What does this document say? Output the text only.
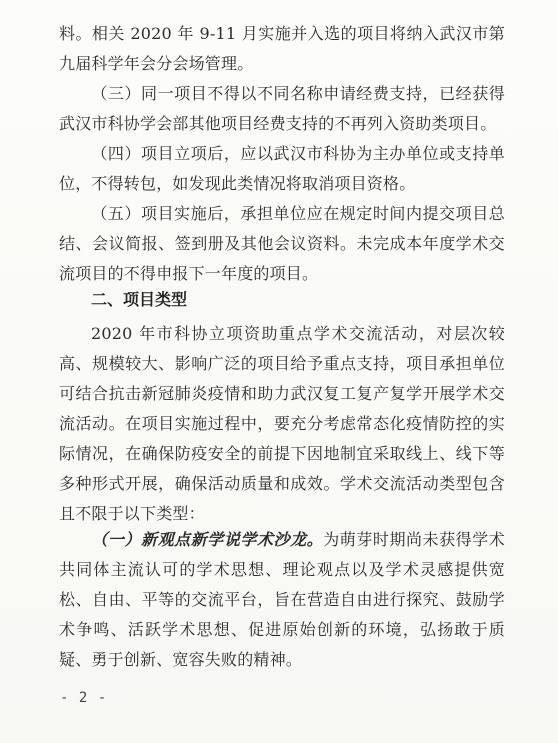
料。相关 2020 年 9-11 月实施并入选的项目将纳入武汉市第九届科学年会分会场管理。
（三）同一项目不得以不同名称申请经费支持，已经获得武汉市科协学会部其他项目经费支持的不再列入资助类项目。
（四）项目立项后，应以武汉市科协为主办单位或支持单位，不得转包，如发现此类情况将取消项目资格。
（五）项目实施后，承担单位应在规定时间内提交项目总结、会议简报、签到册及其他会议资料。未完成本年度学术交流项目的不得申报下一年度的项目。
二、项目类型
2020 年市科协立项资助重点学术交流活动，对层次较高、规模较大、影响广泛的项目给予重点支持，项目承担单位可结合抗击新冠肺炎疫情和助力武汉复工复产复学开展学术交流活动。在项目实施过程中，要充分考虑常态化疫情防控的实际情况，在确保防疫安全的前提下因地制宜采取线上、线下等多种形式开展，确保活动质量和成效。学术交流活动类型包含且不限于以下类型：
（一）新观点新学说学术沙龙。为萌芽时期尚未获得学术共同体主流认可的学术思想、理论观点以及学术灵感提供宽松、自由、平等的交流平台，旨在营造自由进行探究、鼓励学术争鸣、活跃学术思想、促进原始创新的环境，弘扬敢于质疑、勇于创新、宽容失败的精神。
- 2 -
